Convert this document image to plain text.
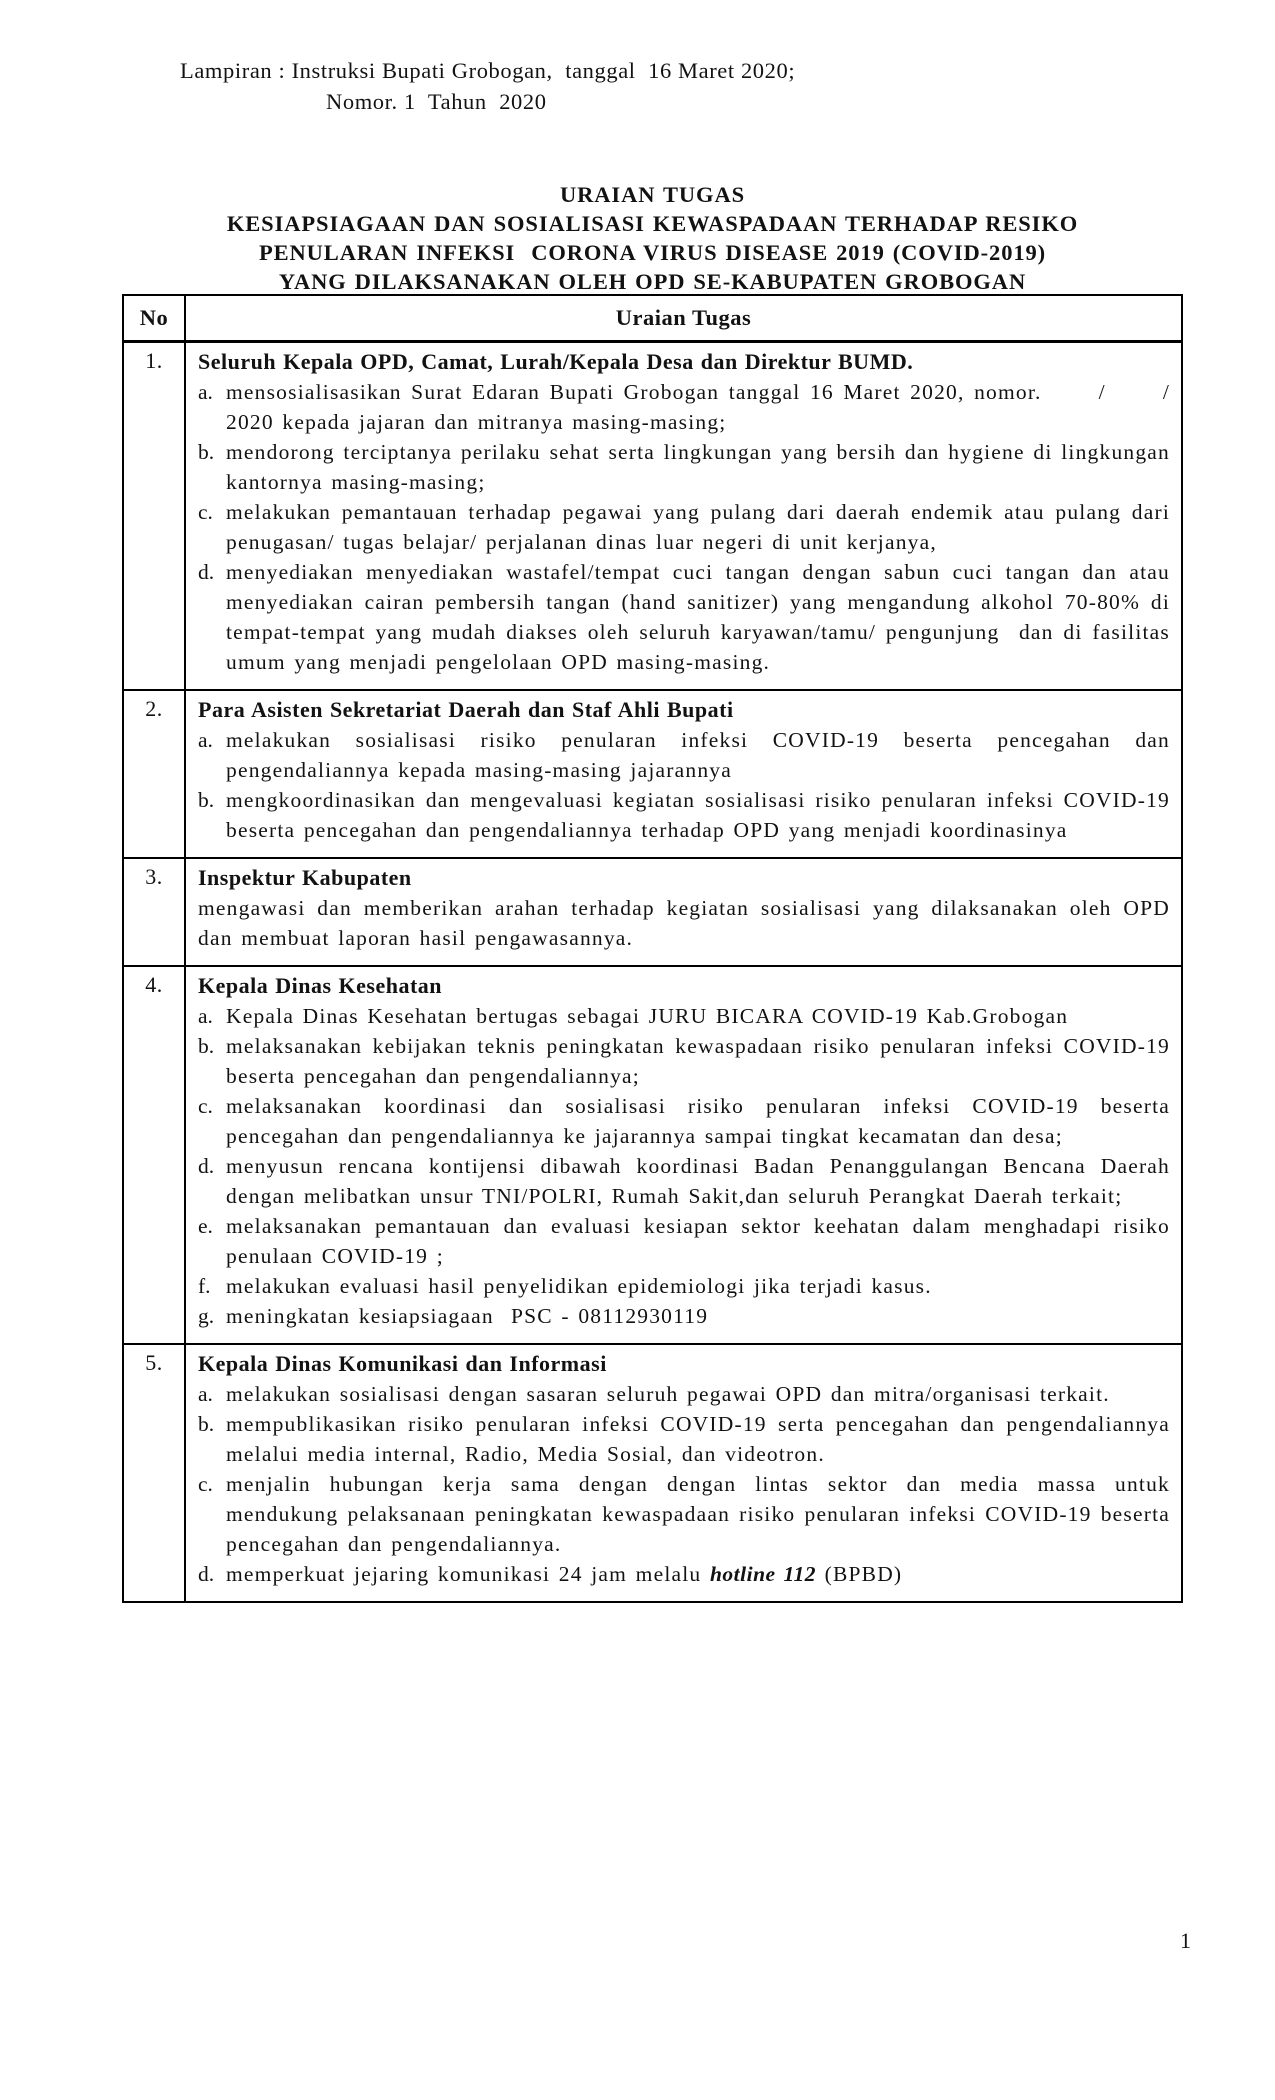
Lampiran : Instruksi Bupati Grobogan,  tanggal  16 Maret 2020;
Nomor. 1  Tahun  2020
URAIAN TUGAS
KESIAPSIAGAAN DAN SOSIALISASI KEWASPADAAN TERHADAP RESIKO
PENULARAN INFEKSI  CORONA VIRUS DISEASE 2019 (COVID-2019)
YANG DILAKSANAKAN OLEH OPD SE-KABUPATEN GROBOGAN
No	Uraian Tugas
1.	Seluruh Kepala OPD, Camat, Lurah/Kepala Desa dan Direktur BUMD.
a. mensosialisasikan Surat Edaran Bupati Grobogan tanggal 16 Maret 2020, nomor.      /      / 2020 kepada jajaran dan mitranya masing-masing;
b. mendorong terciptanya perilaku sehat serta lingkungan yang bersih dan hygiene di lingkungan kantornya masing-masing;
c. melakukan pemantauan terhadap pegawai yang pulang dari daerah endemik atau pulang dari penugasan/ tugas belajar/ perjalanan dinas luar negeri di unit kerjanya,
d. menyediakan menyediakan wastafel/tempat cuci tangan dengan sabun cuci tangan dan atau menyediakan cairan pembersih tangan (hand sanitizer) yang mengandung alkohol 70-80% di tempat-tempat yang mudah diakses oleh seluruh karyawan/tamu/ pengunjung  dan di fasilitas umum yang menjadi pengelolaan OPD masing-masing.

2.	Para Asisten Sekretariat Daerah dan Staf Ahli Bupati
a. melakukan sosialisasi risiko penularan infeksi COVID-19 beserta pencegahan dan pengendaliannya kepada masing-masing jajarannya
b. mengkoordinasikan dan mengevaluasi kegiatan sosialisasi risiko penularan infeksi COVID-19 beserta pencegahan dan pengendaliannya terhadap OPD yang menjadi koordinasinya

3.	Inspektur Kabupaten
mengawasi dan memberikan arahan terhadap kegiatan sosialisasi yang dilaksanakan oleh OPD dan membuat laporan hasil pengawasannya.

4.	Kepala Dinas Kesehatan
a. Kepala Dinas Kesehatan bertugas sebagai JURU BICARA COVID-19 Kab.Grobogan
b. melaksanakan kebijakan teknis peningkatan kewaspadaan risiko penularan infeksi COVID-19 beserta pencegahan dan pengendaliannya;
c. melaksanakan koordinasi dan sosialisasi risiko penularan infeksi COVID-19 beserta pencegahan dan pengendaliannya ke jajarannya sampai tingkat kecamatan dan desa;
d. menyusun rencana kontijensi dibawah koordinasi Badan Penanggulangan Bencana Daerah dengan melibatkan unsur TNI/POLRI, Rumah Sakit,dan seluruh Perangkat Daerah terkait;
e. melaksanakan pemantauan dan evaluasi kesiapan sektor keehatan dalam menghadapi risiko penulaan COVID-19 ;
f. melakukan evaluasi hasil penyelidikan epidemiologi jika terjadi kasus.
g. meningkatan kesiapsiagaan  PSC - 08112930119

5.	Kepala Dinas Komunikasi dan Informasi
a. melakukan sosialisasi dengan sasaran seluruh pegawai OPD dan mitra/organisasi terkait.
b. mempublikasikan risiko penularan infeksi COVID-19 serta pencegahan dan pengendaliannya melalui media internal, Radio, Media Sosial, dan videotron.
c. menjalin hubungan kerja sama dengan dengan lintas sektor dan media massa untuk mendukung pelaksanaan peningkatan kewaspadaan risiko penularan infeksi COVID-19 beserta pencegahan dan pengendaliannya.
d. memperkuat jejaring komunikasi 24 jam melalu hotline 112 (BPBD)
1
